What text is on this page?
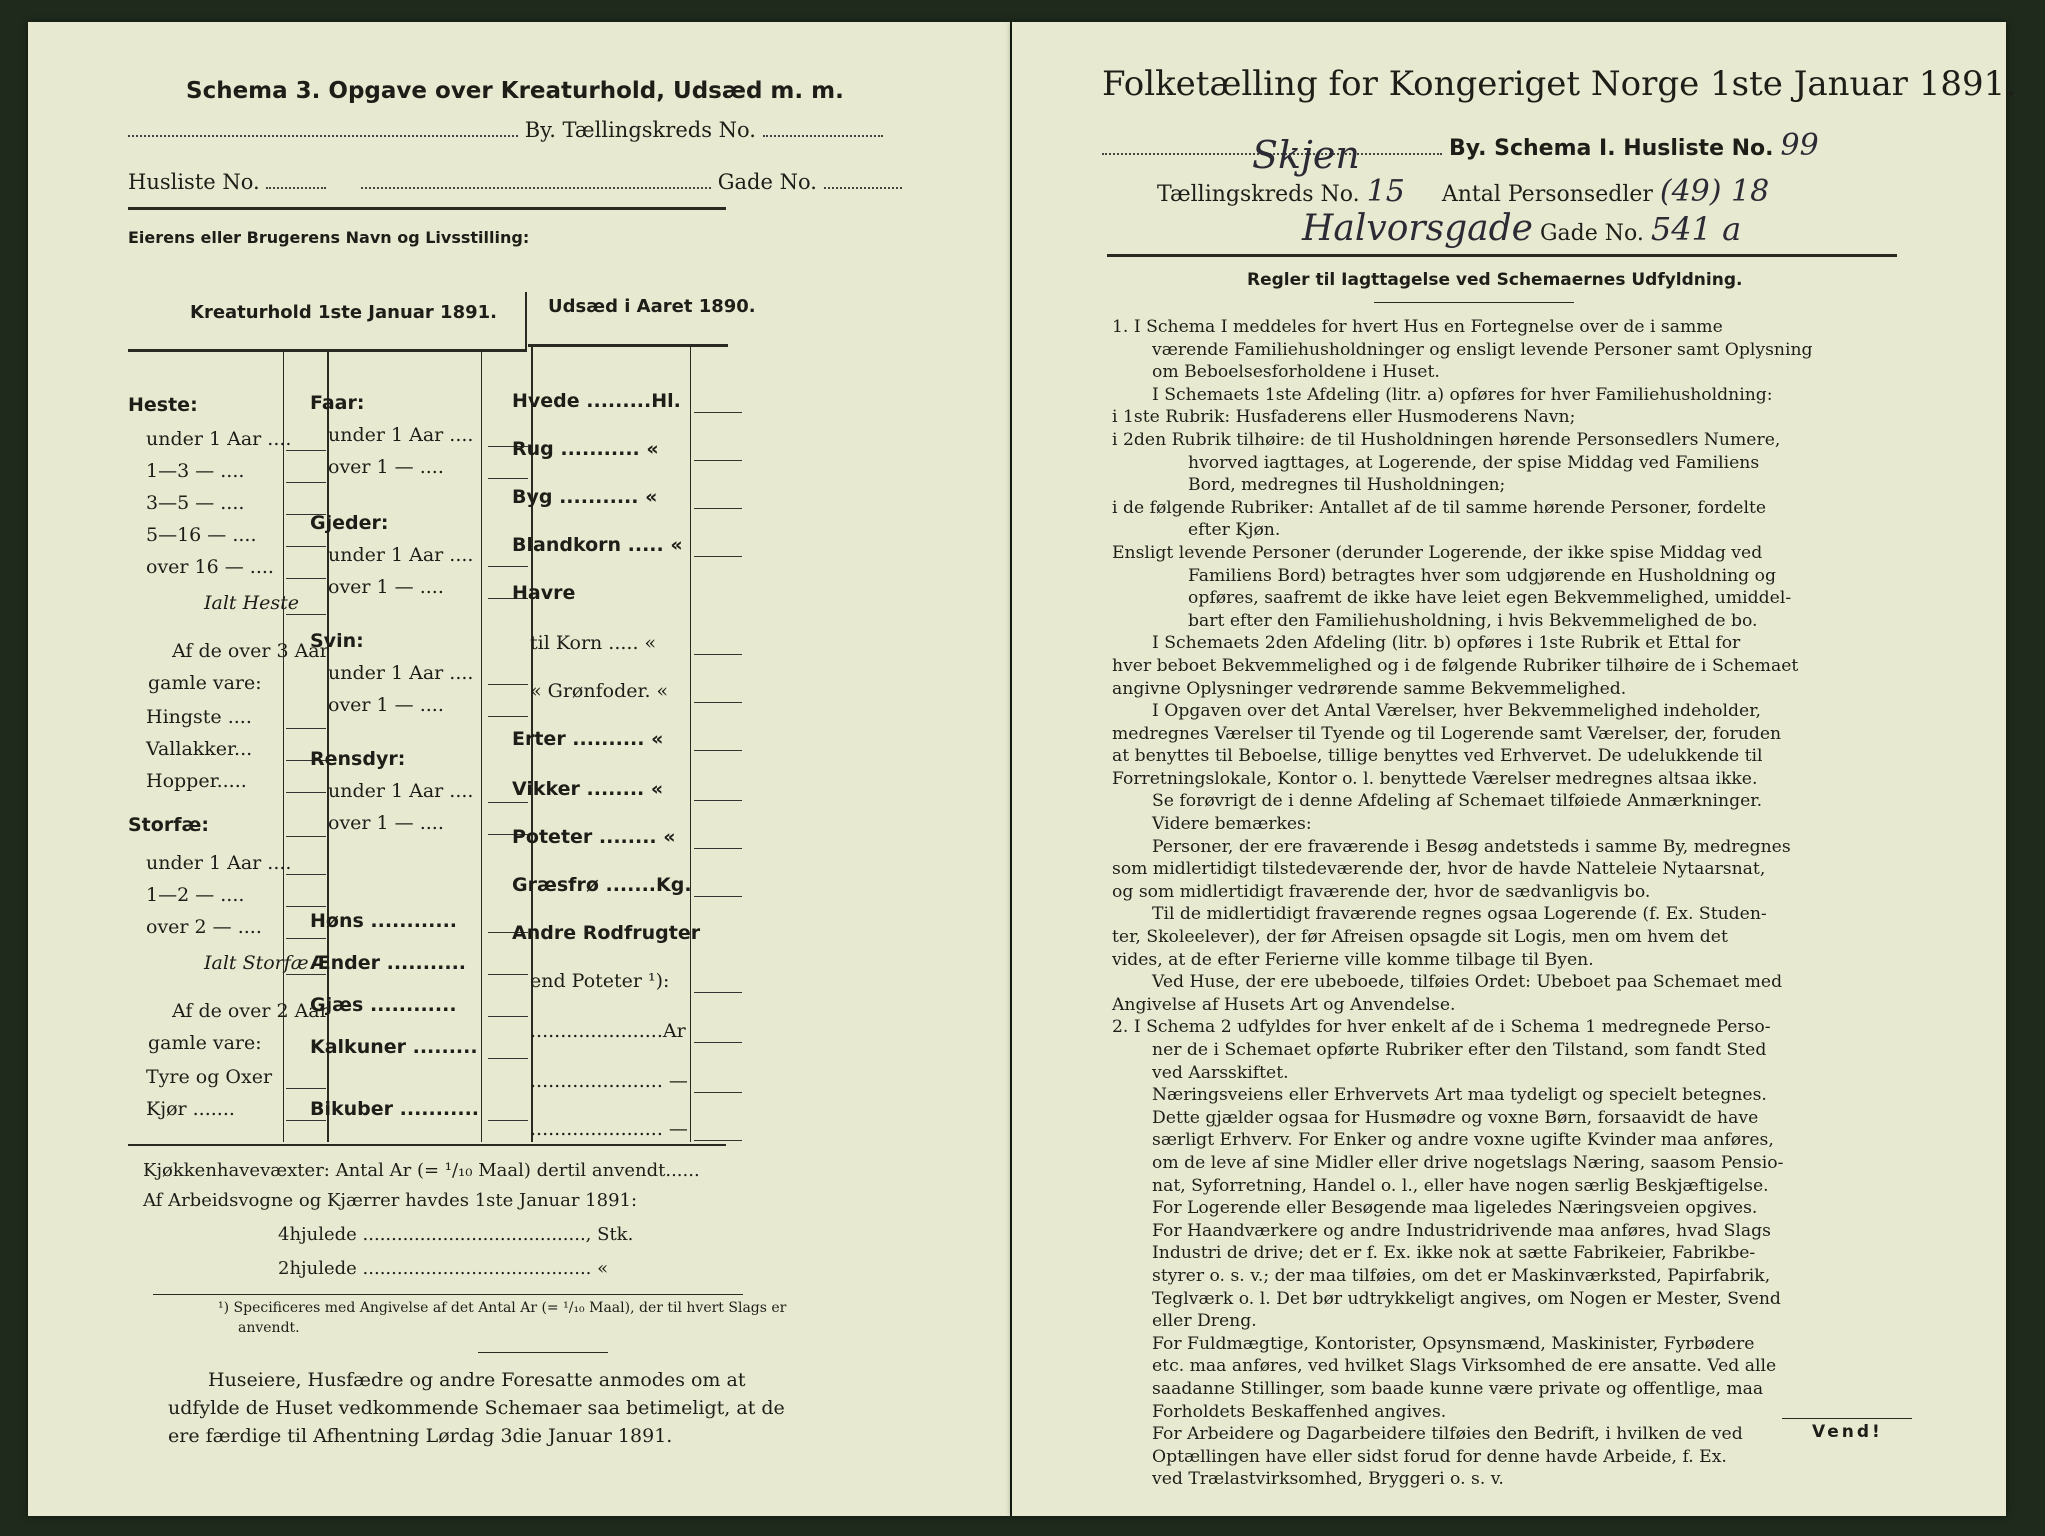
Schema 3. Opgave over Kreaturhold, Udsæd m. m.
By. Tællingskreds No.
Husliste No.	Gade No.
Eierens eller Brugerens Navn og Livsstilling:
Kreaturhold 1ste Januar 1891.	Udsæd i Aaret 1890.
Heste:
under 1 Aar ....
1—3 — ....
3—5 — ....
5—16 — ....
over 16 — ....
Ialt Heste
Af de over 3 Aar
gamle vare:
Hingste ....
Vallakker...
Hopper.....
Storfæ:
under 1 Aar ....
1—2 — ....
over 2 — ....
Ialt Storfæ
Af de over 2 Aar
gamle vare:
Tyre og Oxer
Kjør .......
Faar:
under 1 Aar ....
over 1 — ....
Gjeder:
under 1 Aar ....
over 1 — ....
Svin:
under 1 Aar ....
over 1 — ....
Rensdyr:
under 1 Aar ....
over 1 — ....
Høns ............
Ænder ...........
Gjæs ............
Kalkuner .........
Bikuber ...........
Hvede .........Hl.
Rug ........... «
Byg ........... «
Blandkorn ..... «
Havre
til Korn ..... «
« Grønfoder. «
Erter .......... «
Vikker ........ «
Poteter ........ «
Græsfrø .......Kg.
Andre Rodfrugter
end Poteter ¹):
......................Ar
...................... —
...................... —
Kjøkkenhavevæxter: Antal Ar (= ¹/₁₀ Maal) dertil anvendt......
Af Arbeidsvogne og Kjærrer havdes 1ste Januar 1891:
4hjulede ......................................., Stk.
2hjulede ........................................ «
¹) Specificeres med Angivelse af det Antal Ar (= ¹/₁₀ Maal), der til hvert Slags er
anvendt.
Huseiere, Husfædre og andre Foresatte anmodes om at
udfylde de Huset vedkommende Schemaer saa betimeligt, at de
ere færdige til Afhentning Lørdag 3die Januar 1891.
Folketælling for Kongeriget Norge 1ste Januar 1891.
Skjen	By. Schema I. Husliste No. 99
Tællingskreds No. 15 Antal Personsedler (49) 18
Halvorsgade Gade No. 541 a
Regler til Iagttagelse ved Schemaernes Udfyldning.
1. I Schema I meddeles for hvert Hus en Fortegnelse over de i samme
værende Familiehusholdninger og ensligt levende Personer samt Oplysning
om Beboelsesforholdene i Huset.
I Schemaets 1ste Afdeling (litr. a) opføres for hver Familiehusholdning:
i 1ste Rubrik: Husfaderens eller Husmoderens Navn;
i 2den Rubrik tilhøire: de til Husholdningen hørende Personsedlers Numere,
hvorved iagttages, at Logerende, der spise Middag ved Familiens
Bord, medregnes til Husholdningen;
i de følgende Rubriker: Antallet af de til samme hørende Personer, fordelte
efter Kjøn.
Ensligt levende Personer (derunder Logerende, der ikke spise Middag ved
Familiens Bord) betragtes hver som udgjørende en Husholdning og
opføres, saafremt de ikke have leiet egen Bekvemmelighed, umiddel-
bart efter den Familiehusholdning, i hvis Bekvemmelighed de bo.
I Schemaets 2den Afdeling (litr. b) opføres i 1ste Rubrik et Ettal for
hver beboet Bekvemmelighed og i de følgende Rubriker tilhøire de i Schemaet
angivne Oplysninger vedrørende samme Bekvemmelighed.
I Opgaven over det Antal Værelser, hver Bekvemmelighed indeholder,
medregnes Værelser til Tyende og til Logerende samt Værelser, der, foruden
at benyttes til Beboelse, tillige benyttes ved Erhvervet. De udelukkende til
Forretningslokale, Kontor o. l. benyttede Værelser medregnes altsaa ikke.
Se forøvrigt de i denne Afdeling af Schemaet tilføiede Anmærkninger.
Videre bemærkes:
Personer, der ere fraværende i Besøg andetsteds i samme By, medregnes
som midlertidigt tilstedeværende der, hvor de havde Natteleie Nytaarsnat,
og som midlertidigt fraværende der, hvor de sædvanligvis bo.
Til de midlertidigt fraværende regnes ogsaa Logerende (f. Ex. Studen-
ter, Skoleelever), der før Afreisen opsagde sit Logis, men om hvem det
vides, at de efter Ferierne ville komme tilbage til Byen.
Ved Huse, der ere ubeboede, tilføies Ordet: Ubeboet paa Schemaet med
Angivelse af Husets Art og Anvendelse.
2. I Schema 2 udfyldes for hver enkelt af de i Schema 1 medregnede Perso-
ner de i Schemaet opførte Rubriker efter den Tilstand, som fandt Sted
ved Aarsskiftet.
Næringsveiens eller Erhvervets Art maa tydeligt og specielt betegnes.
Dette gjælder ogsaa for Husmødre og voxne Børn, forsaavidt de have
særligt Erhverv. For Enker og andre voxne ugifte Kvinder maa anføres,
om de leve af sine Midler eller drive nogetslags Næring, saasom Pensio-
nat, Syforretning, Handel o. l., eller have nogen særlig Beskjæftigelse.
For Logerende eller Besøgende maa ligeledes Næringsveien opgives.
For Haandværkere og andre Industridrivende maa anføres, hvad Slags
Industri de drive; det er f. Ex. ikke nok at sætte Fabrikeier, Fabrikbe-
styrer o. s. v.; der maa tilføies, om det er Maskinværksted, Papirfabrik,
Teglværk o. l. Det bør udtrykkeligt angives, om Nogen er Mester, Svend
eller Dreng.
For Fuldmægtige, Kontorister, Opsynsmænd, Maskinister, Fyrbødere
etc. maa anføres, ved hvilket Slags Virksomhed de ere ansatte. Ved alle
saadanne Stillinger, som baade kunne være private og offentlige, maa
Forholdets Beskaffenhed angives.
For Arbeidere og Dagarbeidere tilføies den Bedrift, i hvilken de ved
Optællingen have eller sidst forud for denne havde Arbeide, f. Ex.
ved Trælastvirksomhed, Bryggeri o. s. v.
Vend!
